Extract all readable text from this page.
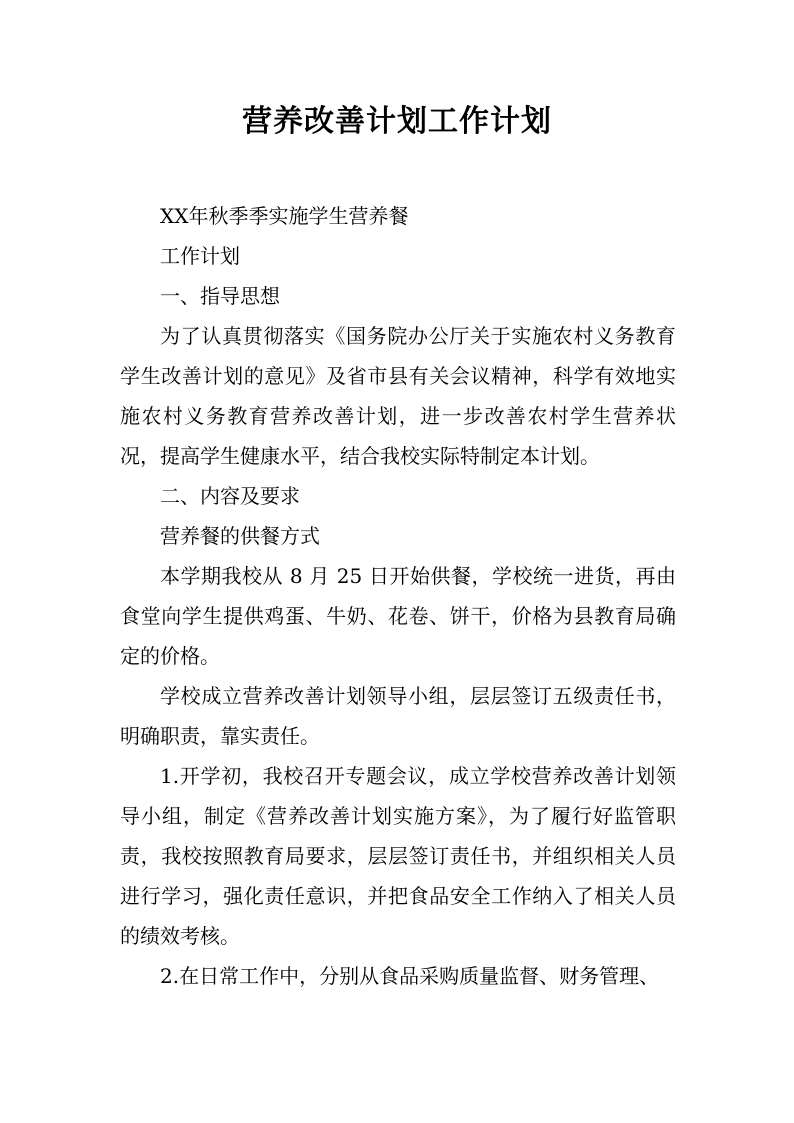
营养改善计划工作计划

XX年秋季季实施学生营养餐

工作计划

一、指导思想

为了认真贯彻落实《国务院办公厅关于实施农村义务教育学生改善计划的意见》及省市县有关会议精神，科学有效地实施农村义务教育营养改善计划，进一步改善农村学生营养状况，提高学生健康水平，结合我校实际特制定本计划。

二、内容及要求

营养餐的供餐方式

本学期我校从 8 月 25 日开始供餐，学校统一进货，再由食堂向学生提供鸡蛋、牛奶、花卷、饼干，价格为县教育局确定的价格。

学校成立营养改善计划领导小组，层层签订五级责任书，明确职责，靠实责任。

1.开学初，我校召开专题会议，成立学校营养改善计划领导小组，制定《营养改善计划实施方案》，为了履行好监管职责，我校按照教育局要求，层层签订责任书，并组织相关人员进行学习，强化责任意识，并把食品安全工作纳入了相关人员的绩效考核。

2.在日常工作中，分别从食品采购质量监督、财务管理、
